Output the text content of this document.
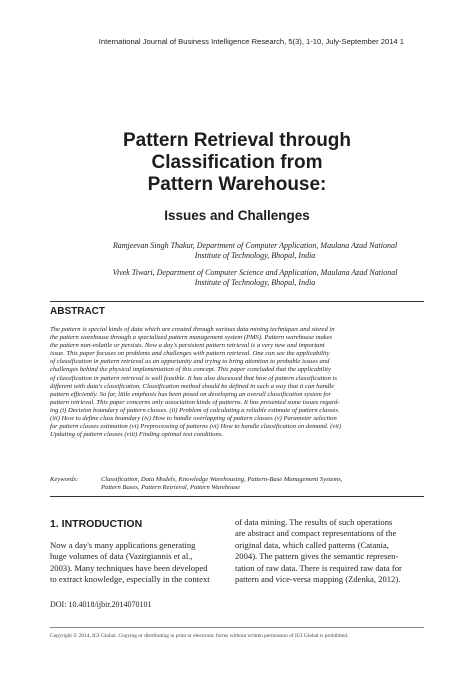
International Journal of Business Intelligence Research, 5(3), 1-10, July-September 2014 1
Pattern Retrieval through
Classification from
Pattern Warehouse:
Issues and Challenges
Ramjeevan Singh Thakur, Department of Computer Application, Maulana Azad National
Institute of Technology, Bhopal, India
Vivek Tiwari, Department of Computer Science and Application, Maulana Azad National
Institute of Technology, Bhopal, India
ABSTRACT
The pattern is special kinds of data which are created through various data mining techniques and stored in
the pattern warehouse through a specialized pattern management system (PMS). Pattern warehouse makes
the pattern non-volatile or persists. Now a day's persistent pattern retrieval is a very new and important
issue. This paper focuses on problems and challenges with pattern retrieval. One can see the applicability
of classification in pattern retrieval as an opportunity and trying to bring attention to probable issues and
challenges behind the physical implementation of this concept. This paper concluded that the applicability
of classification in pattern retrieval is well feasible. It has also discussed that how of pattern classification is
different with data's classification. Classification method should be defined in such a way that it can handle
pattern efficiently. So far, little emphasis has been posed on developing an overall classification system for
pattern retrieval. This paper concerns only association kinds of patterns. It has presented some issues regard-
ing (i) Decision boundary of pattern classes. (ii) Problem of calculating a reliable estimate of pattern classes.
(iii) How to define class boundary (iv) How to handle overlapping of pattern classes (v) Parameter selection
for pattern classes estimation (vi) Preprocessing of patterns (vi) How to handle classification on demand. (vii)
Updating of pattern classes (viii) Finding optimal test conditions.
Keywords:	Classification, Data Models, Knowledge Warehousing, Pattern-Base Management Systems,
Pattern Bases, Pattern Retrieval, Pattern Warehouse
1. INTRODUCTION
Now a day's many applications generating
huge volumes of data (Vazirgiannis et al.,
2003). Many techniques have been developed
to extract knowledge, especially in the context
of data mining. The results of such operations
are abstract and compact representations of the
original data, which called patterns (Catania,
2004). The pattern gives the semantic represen-
tation of raw data. There is required raw data for
pattern and vice-versa mapping (Zdenka, 2012).
DOI: 10.4018/ijbir.2014070101
Copyright © 2014, IGI Global. Copying or distributing in print or electronic forms without written permission of IGI Global is prohibited.
